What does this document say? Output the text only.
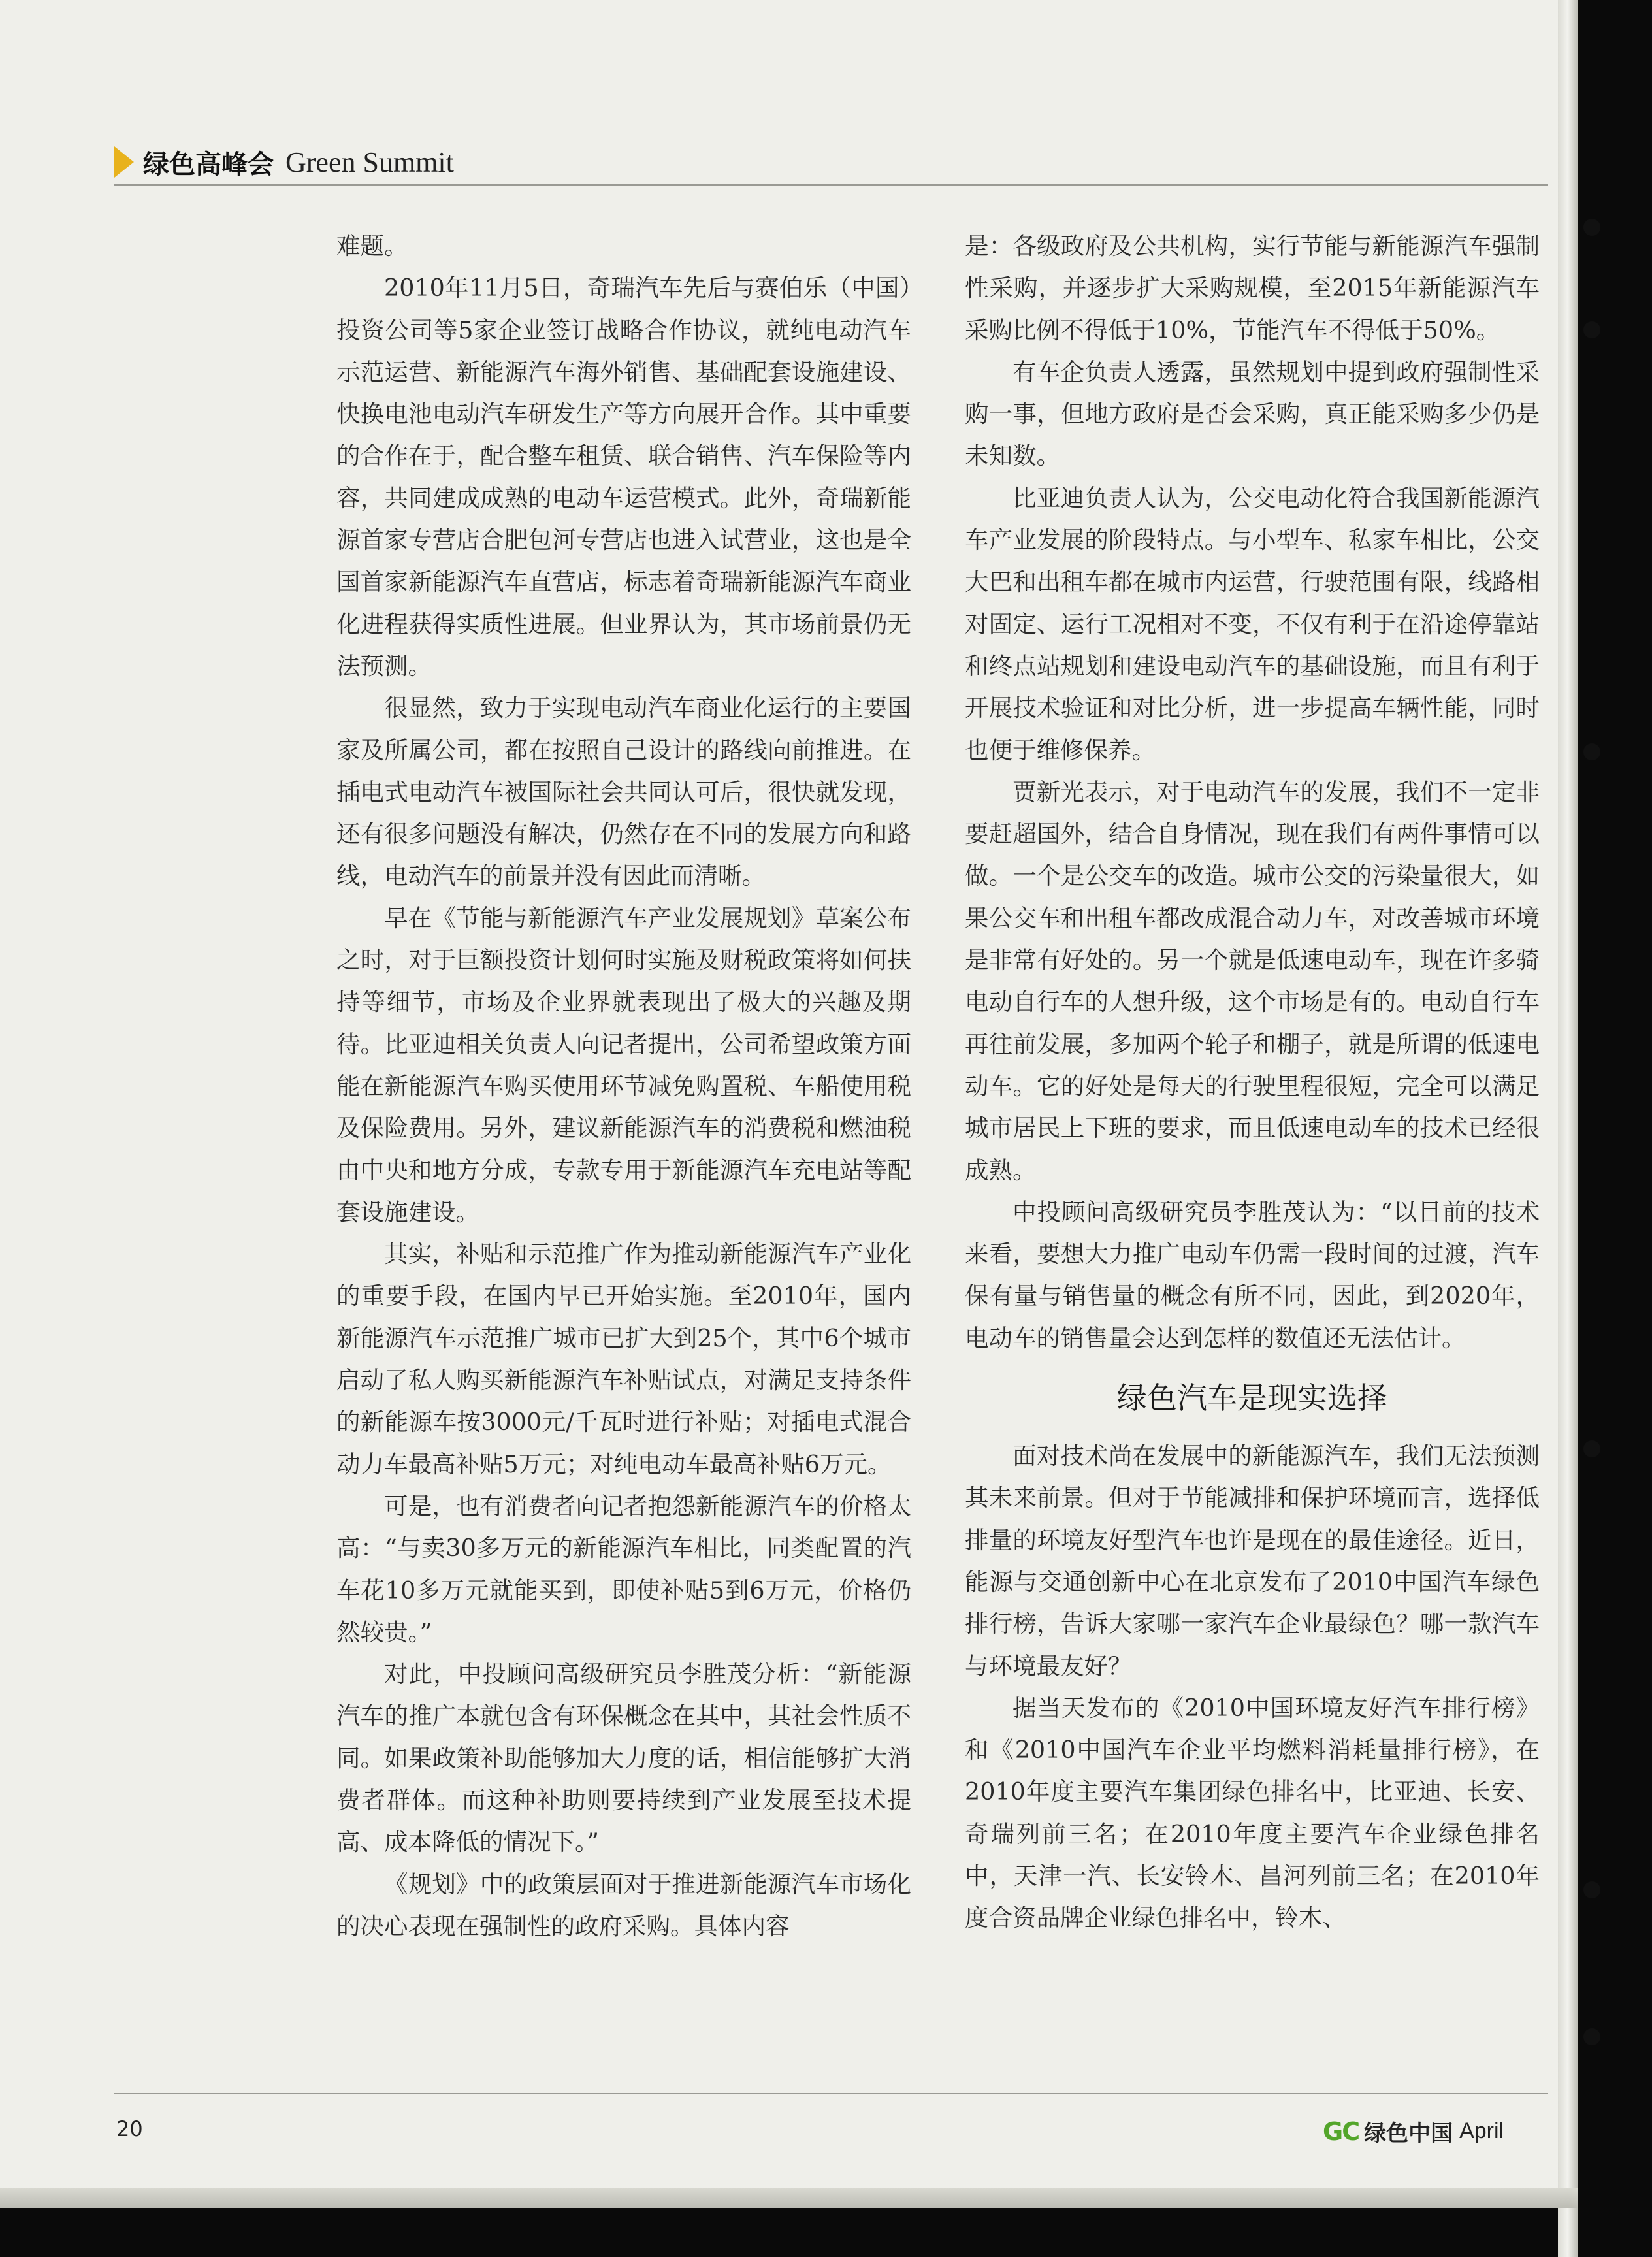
绿色高峰会 Green Summit

难题。

2010年11月5日，奇瑞汽车先后与赛伯乐（中国）投资公司等5家企业签订战略合作协议，就纯电动汽车示范运营、新能源汽车海外销售、基础配套设施建设、快换电池电动汽车研发生产等方向展开合作。其中重要的合作在于，配合整车租赁、联合销售、汽车保险等内容，共同建成成熟的电动车运营模式。此外，奇瑞新能源首家专营店合肥包河专营店也进入试营业，这也是全国首家新能源汽车直营店，标志着奇瑞新能源汽车商业化进程获得实质性进展。但业界认为，其市场前景仍无法预测。

很显然，致力于实现电动汽车商业化运行的主要国家及所属公司，都在按照自己设计的路线向前推进。在插电式电动汽车被国际社会共同认可后，很快就发现，还有很多问题没有解决，仍然存在不同的发展方向和路线，电动汽车的前景并没有因此而清晰。

早在《节能与新能源汽车产业发展规划》草案公布之时，对于巨额投资计划何时实施及财税政策将如何扶持等细节，市场及企业界就表现出了极大的兴趣及期待。比亚迪相关负责人向记者提出，公司希望政策方面能在新能源汽车购买使用环节减免购置税、车船使用税及保险费用。另外，建议新能源汽车的消费税和燃油税由中央和地方分成，专款专用于新能源汽车充电站等配套设施建设。

其实，补贴和示范推广作为推动新能源汽车产业化的重要手段，在国内早已开始实施。至2010年，国内新能源汽车示范推广城市已扩大到25个，其中6个城市启动了私人购买新能源汽车补贴试点，对满足支持条件的新能源车按3000元/千瓦时进行补贴；对插电式混合动力车最高补贴5万元；对纯电动车最高补贴6万元。

可是，也有消费者向记者抱怨新能源汽车的价格太高：“与卖30多万元的新能源汽车相比，同类配置的汽车花10多万元就能买到，即使补贴5到6万元，价格仍然较贵。”

对此，中投顾问高级研究员李胜茂分析：“新能源汽车的推广本就包含有环保概念在其中，其社会性质不同。如果政策补助能够加大力度的话，相信能够扩大消费者群体。而这种补助则要持续到产业发展至技术提高、成本降低的情况下。”

《规划》中的政策层面对于推进新能源汽车市场化的决心表现在强制性的政府采购。具体内容

是：各级政府及公共机构，实行节能与新能源汽车强制性采购，并逐步扩大采购规模，至2015年新能源汽车采购比例不得低于10%，节能汽车不得低于50%。

有车企负责人透露，虽然规划中提到政府强制性采购一事，但地方政府是否会采购，真正能采购多少仍是未知数。

比亚迪负责人认为，公交电动化符合我国新能源汽车产业发展的阶段特点。与小型车、私家车相比，公交大巴和出租车都在城市内运营，行驶范围有限，线路相对固定、运行工况相对不变，不仅有利于在沿途停靠站和终点站规划和建设电动汽车的基础设施，而且有利于开展技术验证和对比分析，进一步提高车辆性能，同时也便于维修保养。

贾新光表示，对于电动汽车的发展，我们不一定非要赶超国外，结合自身情况，现在我们有两件事情可以做。一个是公交车的改造。城市公交的污染量很大，如果公交车和出租车都改成混合动力车，对改善城市环境是非常有好处的。另一个就是低速电动车，现在许多骑电动自行车的人想升级，这个市场是有的。电动自行车再往前发展，多加两个轮子和棚子，就是所谓的低速电动车。它的好处是每天的行驶里程很短，完全可以满足城市居民上下班的要求，而且低速电动车的技术已经很成熟。

中投顾问高级研究员李胜茂认为：“以目前的技术来看，要想大力推广电动车仍需一段时间的过渡，汽车保有量与销售量的概念有所不同，因此，到2020年，电动车的销售量会达到怎样的数值还无法估计。

绿色汽车是现实选择

面对技术尚在发展中的新能源汽车，我们无法预测其未来前景。但对于节能减排和保护环境而言，选择低排量的环境友好型汽车也许是现在的最佳途径。近日，能源与交通创新中心在北京发布了2010中国汽车绿色排行榜，告诉大家哪一家汽车企业最绿色？哪一款汽车与环境最友好？

据当天发布的《2010中国环境友好汽车排行榜》和《2010中国汽车企业平均燃料消耗量排行榜》，在2010年度主要汽车集团绿色排名中，比亚迪、长安、奇瑞列前三名；在2010年度主要汽车企业绿色排名中，天津一汽、长安铃木、昌河列前三名；在2010年度合资品牌企业绿色排名中，铃木、

20	GC 绿色中国 April
